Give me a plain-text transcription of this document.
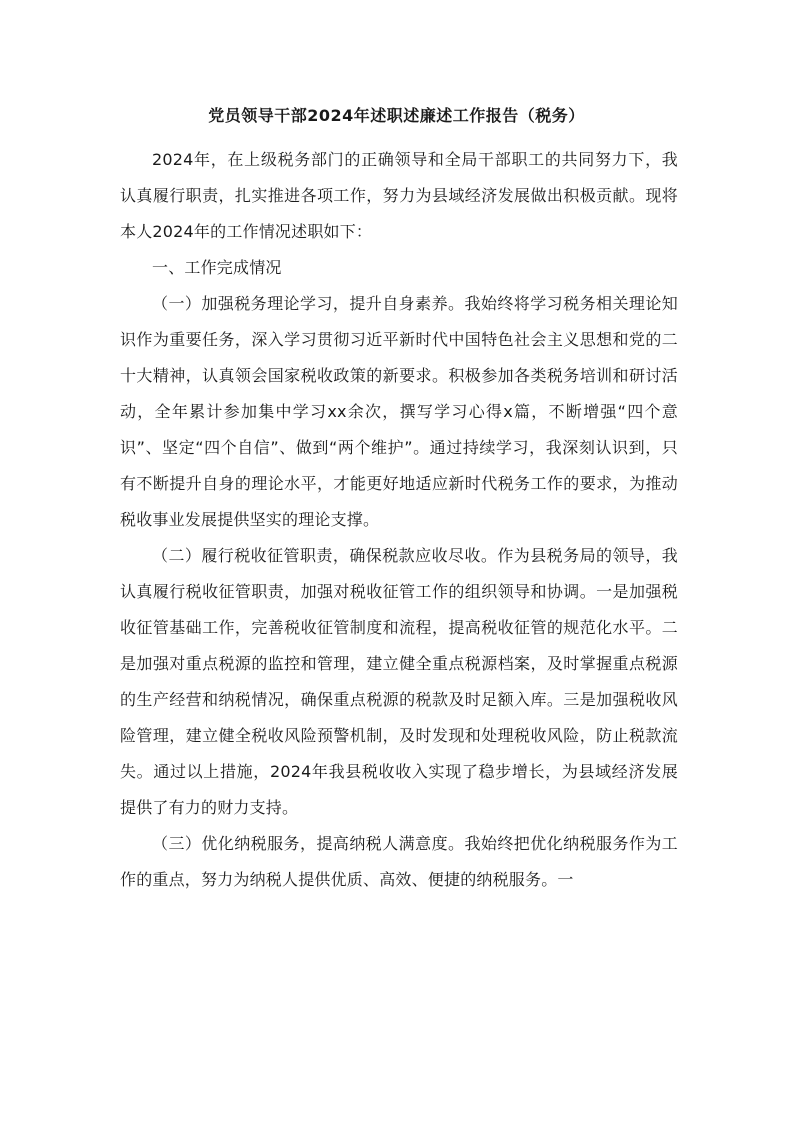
党员领导干部2024年述职述廉述工作报告（税务）

2024年，在上级税务部门的正确领导和全局干部职工的共同努力下，我认真履行职责，扎实推进各项工作，努力为县域经济发展做出积极贡献。现将本人2024年的工作情况述职如下：

一、工作完成情况

（一）加强税务理论学习，提升自身素养。我始终将学习税务相关理论知识作为重要任务，深入学习贯彻习近平新时代中国特色社会主义思想和党的二十大精神，认真领会国家税收政策的新要求。积极参加各类税务培训和研讨活动，全年累计参加集中学习xx余次，撰写学习心得x篇，不断增强“四个意识”、坚定“四个自信”、做到“两个维护”。通过持续学习，我深刻认识到，只有不断提升自身的理论水平，才能更好地适应新时代税务工作的要求，为推动税收事业发展提供坚实的理论支撑。

（二）履行税收征管职责，确保税款应收尽收。作为县税务局的领导，我认真履行税收征管职责，加强对税收征管工作的组织领导和协调。一是加强税收征管基础工作，完善税收征管制度和流程，提高税收征管的规范化水平。二是加强对重点税源的监控和管理，建立健全重点税源档案，及时掌握重点税源的生产经营和纳税情况，确保重点税源的税款及时足额入库。三是加强税收风险管理，建立健全税收风险预警机制，及时发现和处理税收风险，防止税款流失。通过以上措施，2024年我县税收收入实现了稳步增长，为县域经济发展提供了有力的财力支持。

（三）优化纳税服务，提高纳税人满意度。我始终把优化纳税服务作为工作的重点，努力为纳税人提供优质、高效、便捷的纳税服务。一
